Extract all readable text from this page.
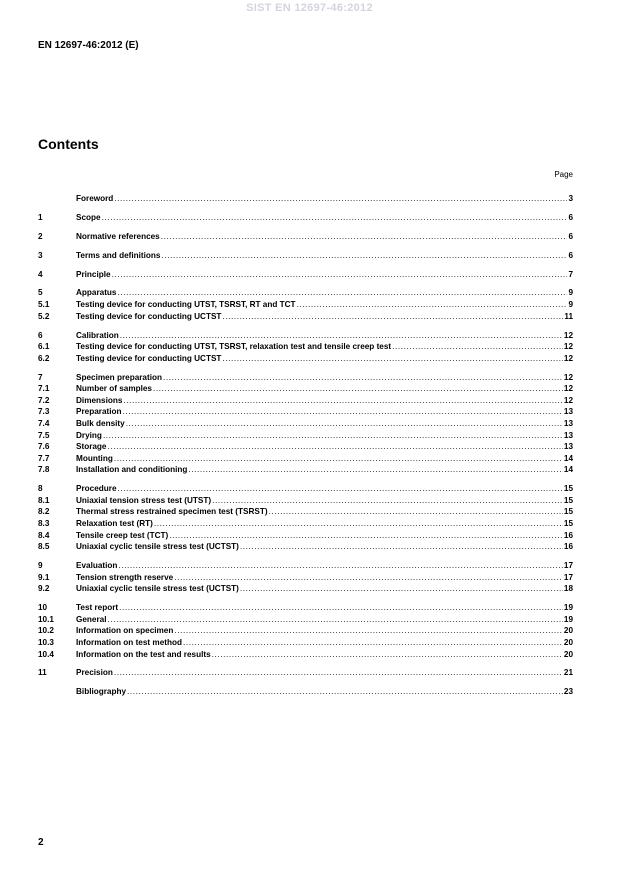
SIST EN 12697-46:2012
EN 12697-46:2012 (E)
Contents
Page
Foreword .....	3
1	Scope .....	6
2	Normative references .....	6
3	Terms and definitions .....	6
4	Principle .....	7
5	Apparatus .....	9
5.1	Testing device for conducting UTST, TSRST, RT and TCT .....	9
5.2	Testing device for conducting UCTST .....	11
6	Calibration .....	12
6.1	Testing device for conducting UTST, TSRST, relaxation test and tensile creep test .....	12
6.2	Testing device for conducting UCTST .....	12
7	Specimen preparation .....	12
7.1	Number of samples .....	12
7.2	Dimensions .....	12
7.3	Preparation .....	13
7.4	Bulk density .....	13
7.5	Drying .....	13
7.6	Storage .....	13
7.7	Mounting .....	14
7.8	Installation and conditioning .....	14
8	Procedure .....	15
8.1	Uniaxial tension stress test (UTST) .....	15
8.2	Thermal stress restrained specimen test (TSRST) .....	15
8.3	Relaxation test (RT) .....	15
8.4	Tensile creep test (TCT) .....	16
8.5	Uniaxial cyclic tensile stress test (UCTST) .....	16
9	Evaluation .....	17
9.1	Tension strength reserve .....	17
9.2	Uniaxial cyclic tensile stress test (UCTST) .....	18
10	Test report .....	19
10.1	General .....	19
10.2	Information on specimen .....	20
10.3	Information on test method .....	20
10.4	Information on the test and results .....	20
11	Precision .....	21
Bibliography .....	23
2
